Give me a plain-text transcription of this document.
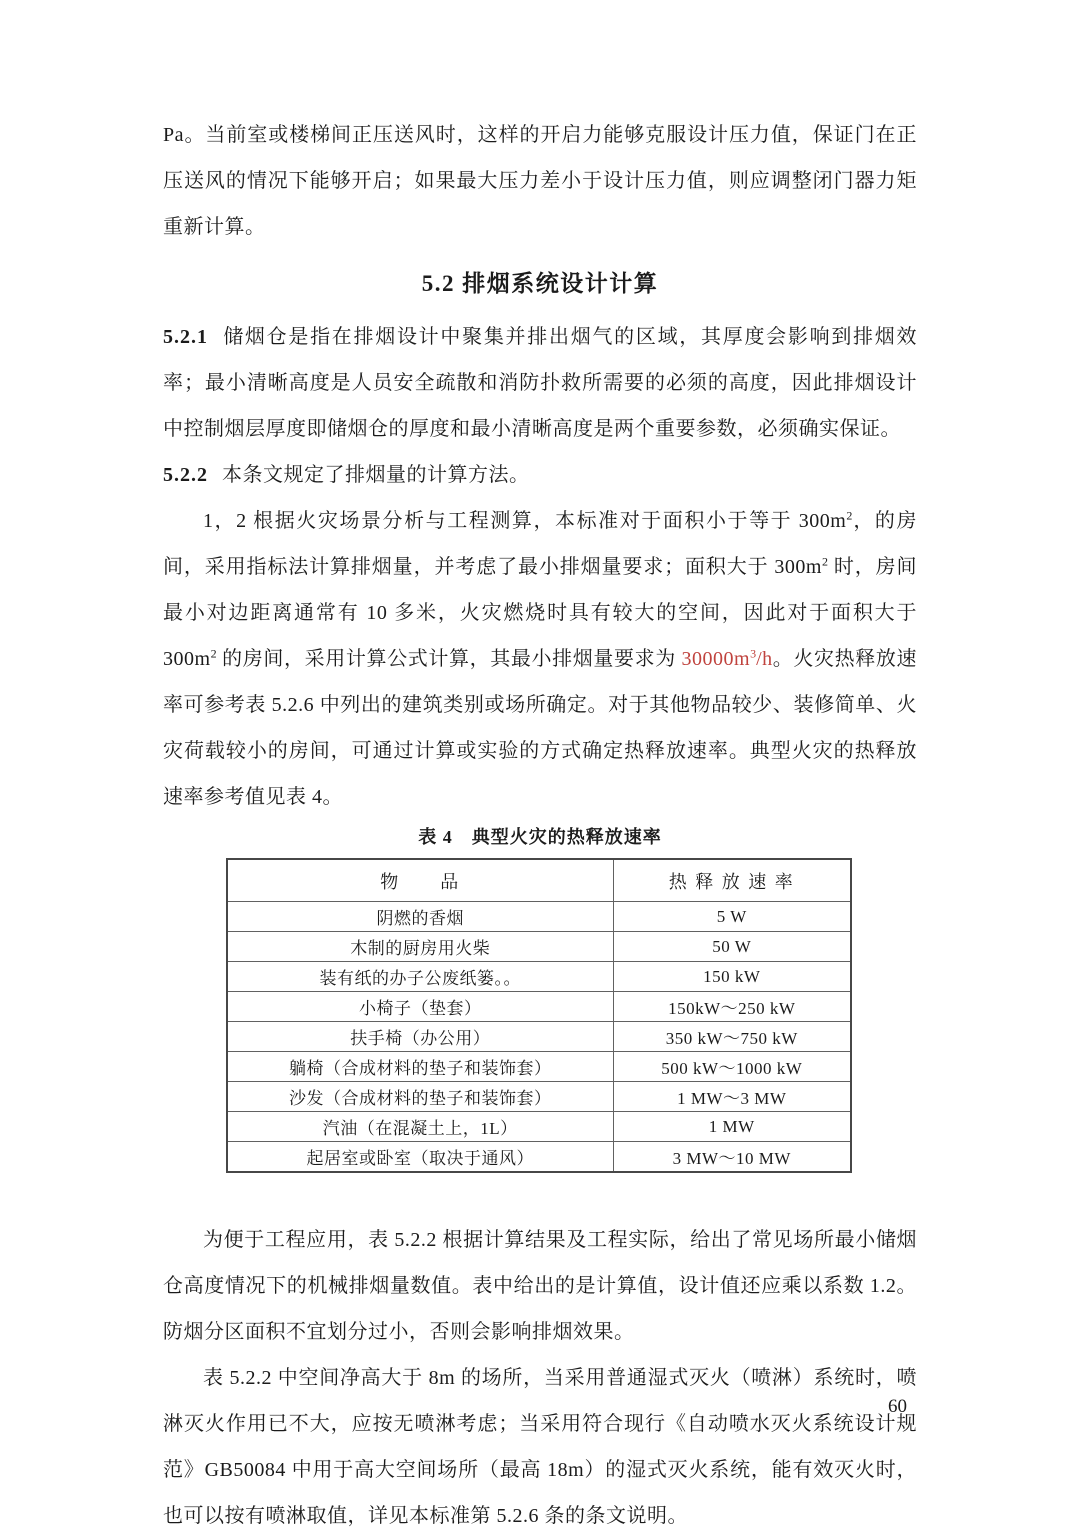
Pa。当前室或楼梯间正压送风时，这样的开启力能够克服设计压力值，保证门在正压送风的情况下能够开启；如果最大压力差小于设计压力值，则应调整闭门器力矩重新计算。

5.2 排烟系统设计计算

5.2.1 储烟仓是指在排烟设计中聚集并排出烟气的区域，其厚度会影响到排烟效率；最小清晰高度是人员安全疏散和消防扑救所需要的必须的高度，因此排烟设计中控制烟层厚度即储烟仓的厚度和最小清晰高度是两个重要参数，必须确实保证。

5.2.2 本条文规定了排烟量的计算方法。

1，2 根据火灾场景分析与工程测算，本标准对于面积小于等于 $300m^2$，的房间，采用指标法计算排烟量，并考虑了最小排烟量要求；面积大于 $300m^2$ 时，房间最小对边距离通常有 10 多米，火灾燃烧时具有较大的空间，因此对于面积大于 $300m^2$ 的房间，采用计算公式计算，其最小排烟量要求为 $30000m^3/h$。火灾热释放速率可参考表 5.2.6 中列出的建筑类别或场所确定。对于其他物品较少、装修简单、火灾荷载较小的房间，可通过计算或实验的方式确定热释放速率。典型火灾的热释放速率参考值见表 4。

表 4　典型火灾的热释放速率
物　　品	热 释 放 速 率
阴燃的香烟	5 W
木制的厨房用火柴	50 W
装有纸的办子公废纸篓。。	150 kW
小椅子（垫套）	150kW～250 kW
扶手椅（办公用）	350 kW～750 kW
躺椅（合成材料的垫子和装饰套）	500 kW～1000 kW
沙发（合成材料的垫子和装饰套）	1 MW～3 MW
汽油（在混凝土上，1L）	1 MW
起居室或卧室（取决于通风）	3 MW～10 MW

为便于工程应用，表 5.2.2 根据计算结果及工程实际，给出了常见场所最小储烟仓高度情况下的机械排烟量数值。表中给出的是计算值，设计值还应乘以系数 1.2。防烟分区面积不宜划分过小，否则会影响排烟效果。

表 5.2.2 中空间净高大于 8m 的场所，当采用普通湿式灭火（喷淋）系统时，喷淋灭火作用已不大，应按无喷淋考虑；当采用符合现行《自动喷水灭火系统设计规范》GB50084 中用于高大空间场所（最高 18m）的湿式灭火系统，能有效灭火时，也可以按有喷淋取值，详见本标准第 5.2.6 条的条文说明。

60
